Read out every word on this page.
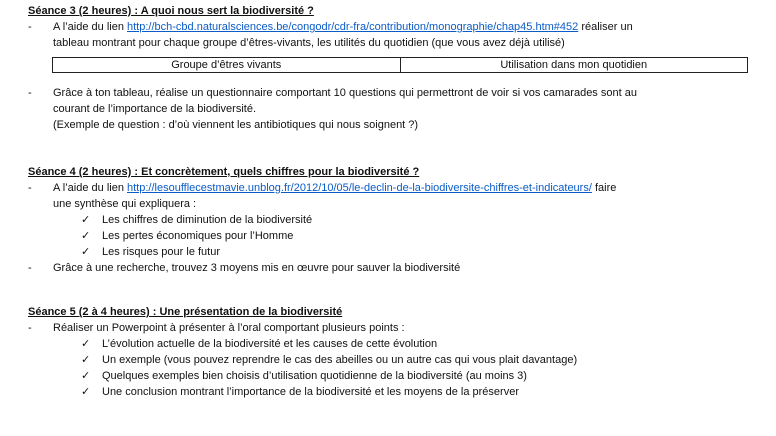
Séance 3 (2 heures) : A quoi nous sert la biodiversité ?
- A l’aide du lien http://bch-cbd.naturalsciences.be/congodr/cdr-fra/contribution/monographie/chap45.htm#452 réaliser un
tableau montrant pour chaque groupe d’êtres-vivants, les utilités du quotidien (que vous avez déjà utilisé)
Groupe d’êtres vivants	Utilisation dans mon quotidien
- Grâce à ton tableau, réalise un questionnaire comportant 10 questions qui permettront de voir si vos camarades sont au
courant de l’importance de la biodiversité.
(Exemple de question : d’où viennent les antibiotiques qui nous soignent ?)
Séance 4 (2 heures) : Et concrètement, quels chiffres pour la biodiversité ?
- A l’aide du lien http://lesoufflecestmavie.unblog.fr/2012/10/05/le-declin-de-la-biodiversite-chiffres-et-indicateurs/ faire
une synthèse qui expliquera :
✓ Les chiffres de diminution de la biodiversité
✓ Les pertes économiques pour l’Homme
✓ Les risques pour le futur
- Grâce à une recherche, trouvez 3 moyens mis en œuvre pour sauver la biodiversité
Séance 5 (2 à 4 heures) : Une présentation de la biodiversité
- Réaliser un Powerpoint à présenter à l’oral comportant plusieurs points :
✓ L’évolution actuelle de la biodiversité et les causes de cette évolution
✓ Un exemple (vous pouvez reprendre le cas des abeilles ou un autre cas qui vous plait davantage)
✓ Quelques exemples bien choisis d’utilisation quotidienne de la biodiversité (au moins 3)
✓ Une conclusion montrant l’importance de la biodiversité et les moyens de la préserver
